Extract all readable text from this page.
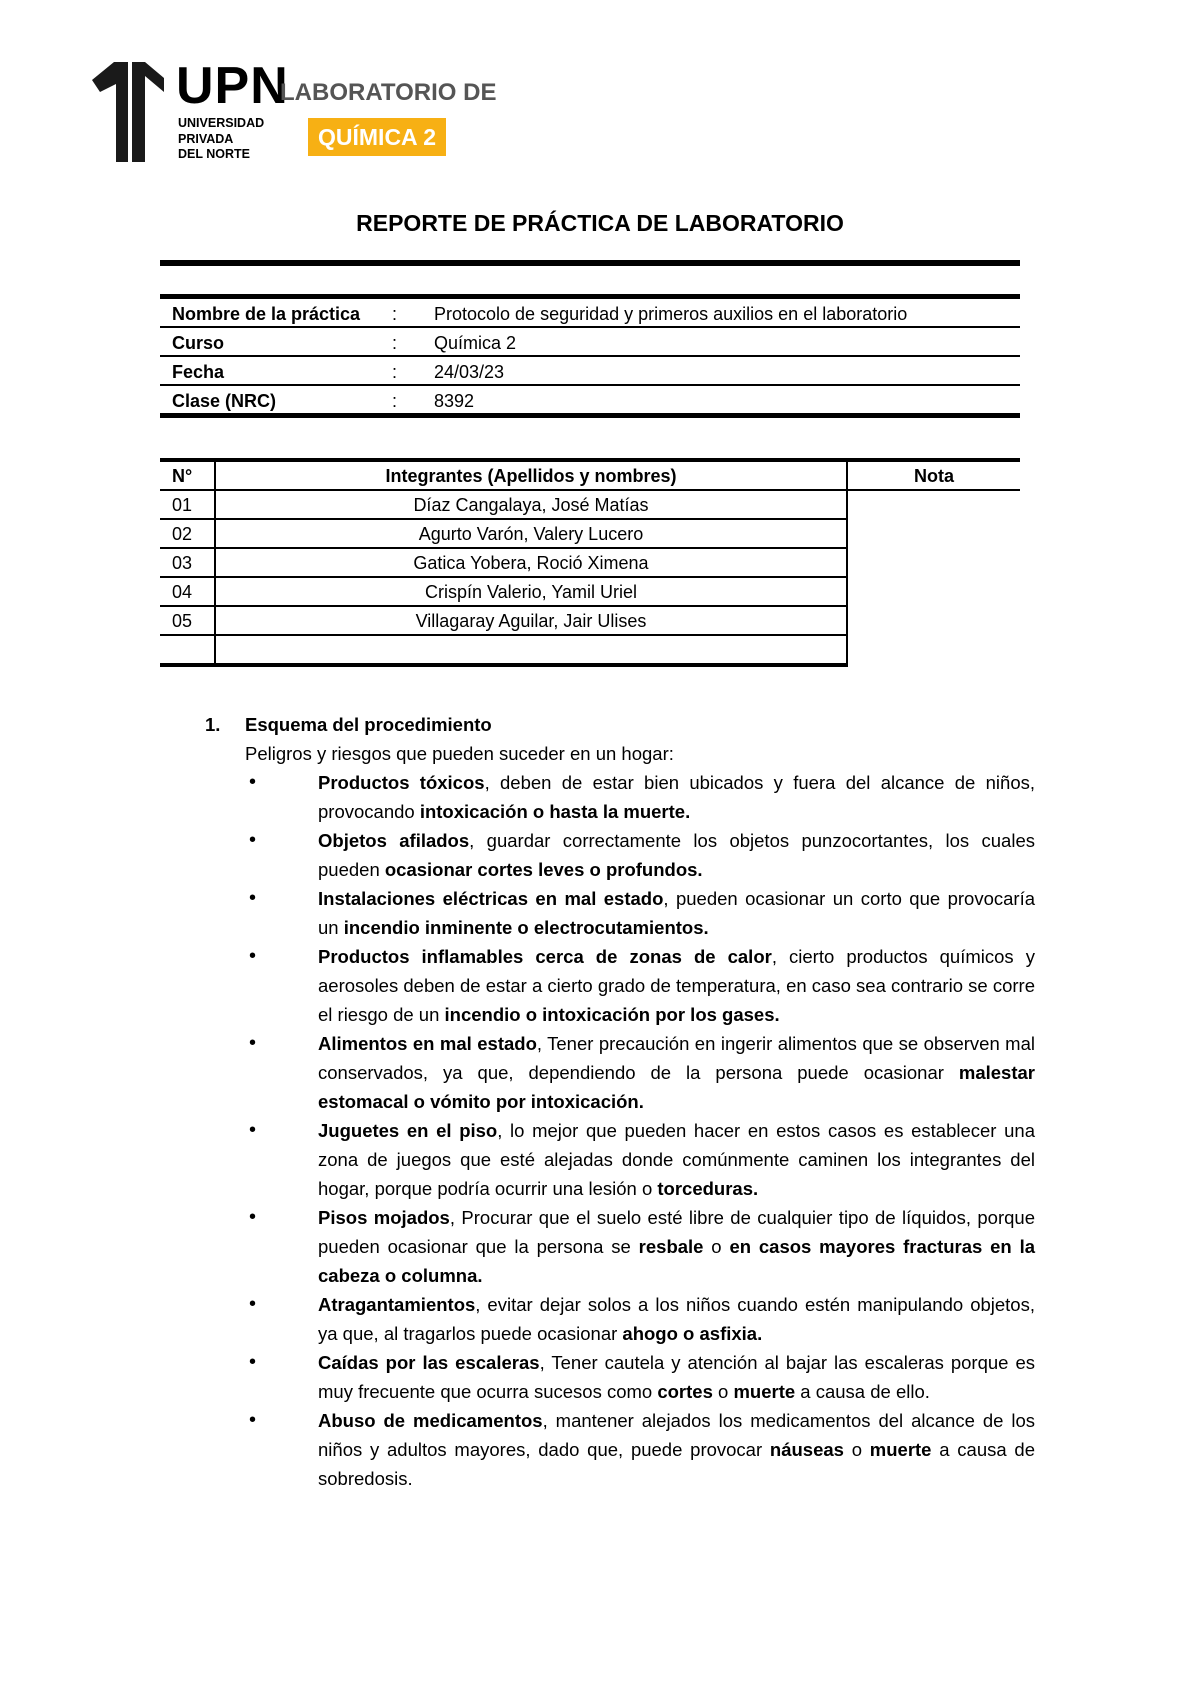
UPN
UNIVERSIDAD
PRIVADA
DEL NORTE
LABORATORIO DE
QUÍMICA 2
REPORTE DE PRÁCTICA DE LABORATORIO
Nombre de la práctica	:	Protocolo de seguridad y primeros auxilios en el laboratorio
Curso	:	Química 2
Fecha	:	24/03/23
Clase (NRC)	:	8392
N°	Integrantes (Apellidos y nombres)	Nota
01	Díaz Cangalaya, José Matías	
02	Agurto Varón, Valery Lucero	
03	Gatica Yobera, Roció Ximena	
04	Crispín Valerio, Yamil Uriel	
05	Villagaray Aguilar, Jair Ulises	

1.	Esquema del procedimiento
Peligros y riesgos que pueden suceder en un hogar:
•	Productos tóxicos, deben de estar bien ubicados y fuera del alcance de niños, provocando intoxicación o hasta la muerte.
•	Objetos afilados, guardar correctamente los objetos punzocortantes, los cuales pueden ocasionar cortes leves o profundos.
•	Instalaciones eléctricas en mal estado, pueden ocasionar un corto que provocaría un incendio inminente o electrocutamientos.
•	Productos inflamables cerca de zonas de calor, cierto productos químicos y aerosoles deben de estar a cierto grado de temperatura, en caso sea contrario se corre el riesgo de un incendio o intoxicación por los gases.
•	Alimentos en mal estado, Tener precaución en ingerir alimentos que se observen mal conservados, ya que, dependiendo de la persona puede ocasionar malestar estomacal o vómito por intoxicación.
•	Juguetes en el piso, lo mejor que pueden hacer en estos casos es establecer una zona de juegos que esté alejadas donde comúnmente caminen los integrantes del hogar, porque podría ocurrir una lesión o torceduras.
•	Pisos mojados, Procurar que el suelo esté libre de cualquier tipo de líquidos, porque pueden ocasionar que la persona se resbale o en casos mayores fracturas en la cabeza o columna.
•	Atragantamientos, evitar dejar solos a los niños cuando estén manipulando objetos, ya que, al tragarlos puede ocasionar ahogo o asfixia.
•	Caídas por las escaleras, Tener cautela y atención al bajar las escaleras porque es muy frecuente que ocurra sucesos como cortes o muerte a causa de ello.
•	Abuso de medicamentos, mantener alejados los medicamentos del alcance de los niños y adultos mayores, dado que, puede provocar náuseas o muerte a causa de sobredosis.
